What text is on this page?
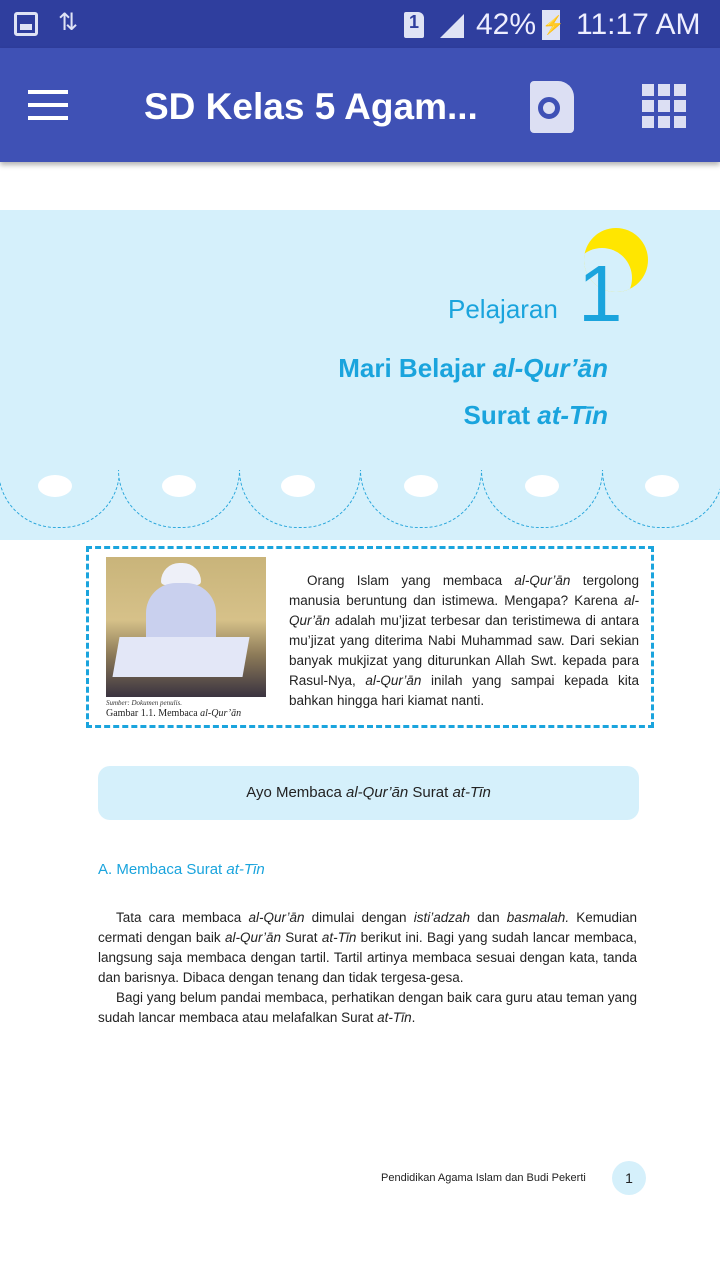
⇅	1 42% ⚡ 11:17 AM
SD Kelas 5 Agam...
Pelajaran 1
Mari Belajar al-Qur’ān
Surat at-Tīn
Sumber: Dokumen penulis.
Gambar 1.1. Membaca al-Qur’ān
Orang Islam yang membaca al-Qur’ān tergolong manusia beruntung dan istimewa. Mengapa? Karena al-Qur’ān adalah mu’jizat terbesar dan teristimewa di antara mu’jizat yang diterima Nabi Muhammad saw. Dari sekian banyak mukjizat yang diturunkan Allah Swt. kepada para Rasul-Nya, al-Qur’ān inilah yang sampai kepada kita bahkan hingga hari kiamat nanti.
Ayo Membaca al-Qur’ān Surat at-Tīn
A. Membaca Surat at-Tīn
Tata cara membaca al-Qur’ān dimulai dengan isti’adzah dan basmalah. Kemudian cermati dengan baik al-Qur’ān Surat at-Tīn berikut ini. Bagi yang sudah lancar membaca, langsung saja membaca dengan tartil. Tartil artinya membaca sesuai dengan kata, tanda dan barisnya. Dibaca dengan tenang dan tidak tergesa-gesa.
Bagi yang belum pandai membaca, perhatikan dengan baik cara guru atau teman yang sudah lancar membaca atau melafalkan Surat at-Tīn.
Pendidikan Agama Islam dan Budi Pekerti	1
